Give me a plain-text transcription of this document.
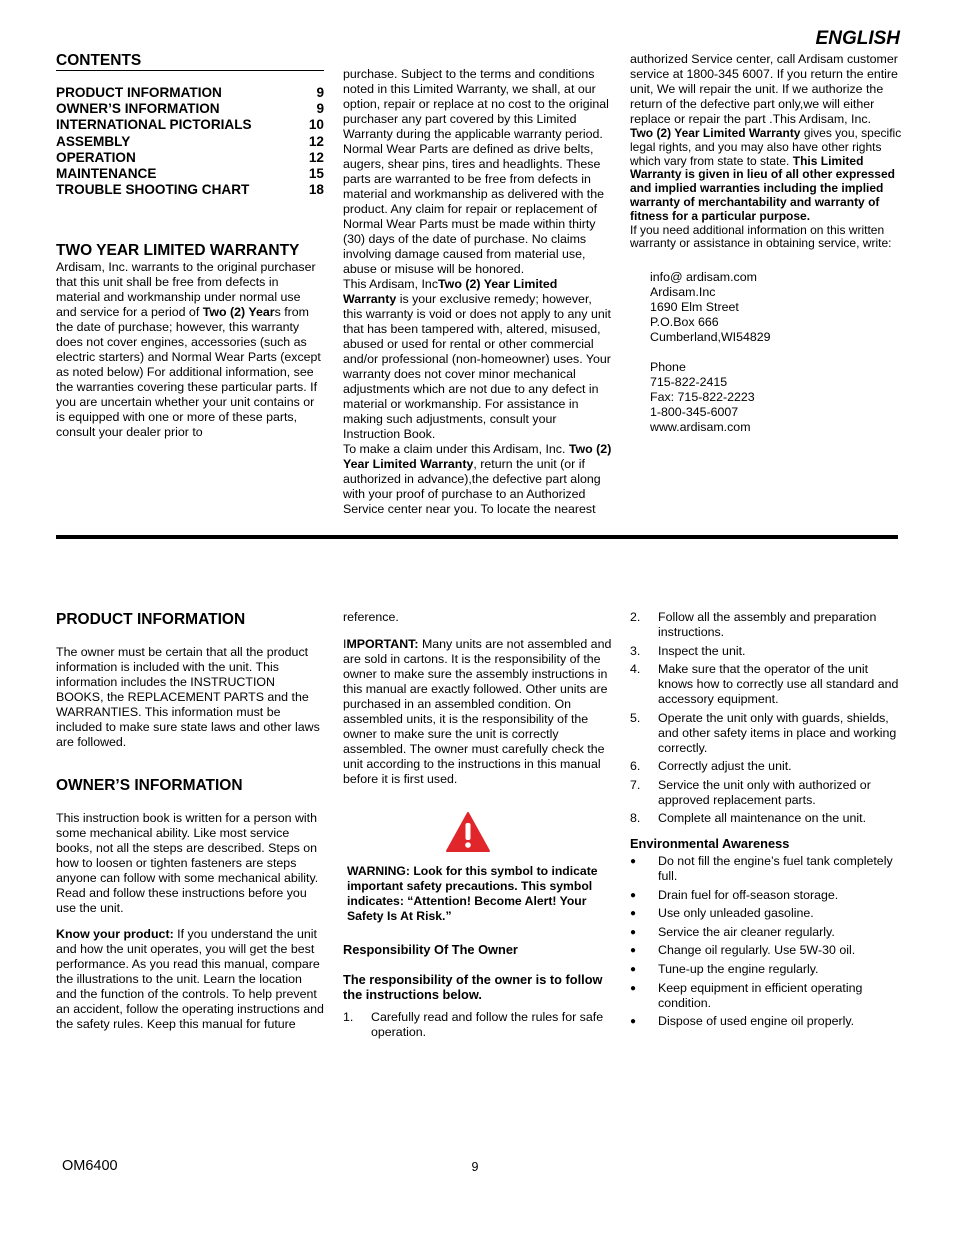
ENGLISH
CONTENTS
PRODUCT INFORMATION	9
OWNER’S INFORMATION	9
INTERNATIONAL PICTORIALS	10
ASSEMBLY	12
OPERATION	12
MAINTENANCE	15
TROUBLE SHOOTING CHART	18
TWO YEAR LIMITED WARRANTY

Ardisam, Inc. warrants to the original purchaser that this unit shall be free from defects in material and workmanship under normal use and service for a period of Two (2) Years from the date of purchase; however, this warranty does not cover engines, accessories (such as electric starters) and Normal Wear Parts (except as noted below) For additional information, see the warranties covering these particular parts. If you are uncertain whether your unit contains or is equipped with one or more of these parts, consult your dealer prior to

purchase. Subject to the terms and conditions noted in this Limited Warranty, we shall, at our option, repair or replace at no cost to the original purchaser any part covered by this Limited Warranty during the applicable warranty period. Normal Wear Parts are defined as drive belts, augers, shear pins, tires and headlights. These parts are warranted to be free from defects in material and workmanship as delivered with the product. Any claim for repair or replacement of Normal Wear Parts must be made within thirty (30) days of the date of purchase. No claims involving damage caused from material use, abuse or misuse will be honored.

This Ardisam, IncTwo (2) Year Limited Warranty is your exclusive remedy; however, this warranty is void or does not apply to any unit that has been tampered with, altered, misused, abused or used for rental or other commercial and/or professional (non-homeowner) uses. Your warranty does not cover minor mechanical adjustments which are not due to any defect in material or workmanship. For assistance in making such adjustments, consult your Instruction Book.

To make a claim under this Ardisam, Inc. Two (2) Year Limited Warranty, return the unit (or if authorized in advance),the defective part along with your proof of purchase to an Authorized Service center near you. To locate the nearest

authorized Service center, call Ardisam customer service at 1800-345 6007. If you return the entire unit, We will repair the unit. If we authorize the return of the defective part only,we will either replace or repair the part .This Ardisam, Inc.

Two (2) Year Limited Warranty gives you, specific legal rights, and you may also have other rights which vary from state to state. This Limited Warranty is given in lieu of all other expressed and implied warranties including the implied warranty of merchantability and warranty of fitness for a particular purpose.

If you need additional information on this written warranty or assistance in obtaining service, write:

info@ ardisam.com
Ardisam.Inc
1690 Elm Street
P.O.Box 666
Cumberland,WI54829
Phone
715-822-2415
Fax: 715-822-2223
1-800-345-6007
www.ardisam.com
PRODUCT INFORMATION

The owner must be certain that all the product information is included with the unit. This information includes the INSTRUCTION BOOKS, the REPLACEMENT PARTS and the WARRANTIES. This information must be included to make sure state laws and other laws are followed.

OWNER’S INFORMATION

This instruction book is written for a person with some mechanical ability. Like most service books, not all the steps are described. Steps on how to loosen or tighten fasteners are steps anyone can follow with some mechanical ability. Read and follow these instructions before you use the unit.

Know your product: If you understand the unit and how the unit operates, you will get the best performance. As you read this manual, compare the illustrations to the unit. Learn the location and the function of the controls. To help prevent an accident, follow the operating instructions and the safety rules. Keep this manual for future

reference.

IMPORTANT: Many units are not assembled and are sold in cartons. It is the responsibility of the owner to make sure the assembly instructions in this manual are exactly followed. Other units are purchased in an assembled condition. On assembled units, it is the responsibility of the owner to make sure the unit is correctly assembled. The owner must carefully check the unit according to the instructions in this manual before it is first used.

WARNING: Look for this symbol to indicate important safety precautions. This symbol indicates: “Attention! Become Alert! Your Safety Is At Risk.”

Responsibility Of The Owner

The responsibility of the owner is to follow the instructions below.

1.	Carefully read and follow the rules for safe operation.
2.	Follow all the assembly and preparation instructions.
3.	Inspect the unit.
4.	Make sure that the operator of the unit knows how to correctly use all standard and accessory equipment.
5.	Operate the unit only with guards, shields, and other safety items in place and working correctly.
6.	Correctly adjust the unit.
7.	Service the unit only with authorized or approved replacement parts.
8.	Complete all maintenance on the unit.

Environmental Awareness

●	Do not fill the engine’s fuel tank completely full.
●	Drain fuel for off-season storage.
●	Use only unleaded gasoline.
●	Service the air cleaner regularly.
●	Change oil regularly. Use 5W-30 oil.
●	Tune-up the engine regularly.
●	Keep equipment in efficient operating condition.
●	Dispose of used engine oil properly.
OM6400	9
